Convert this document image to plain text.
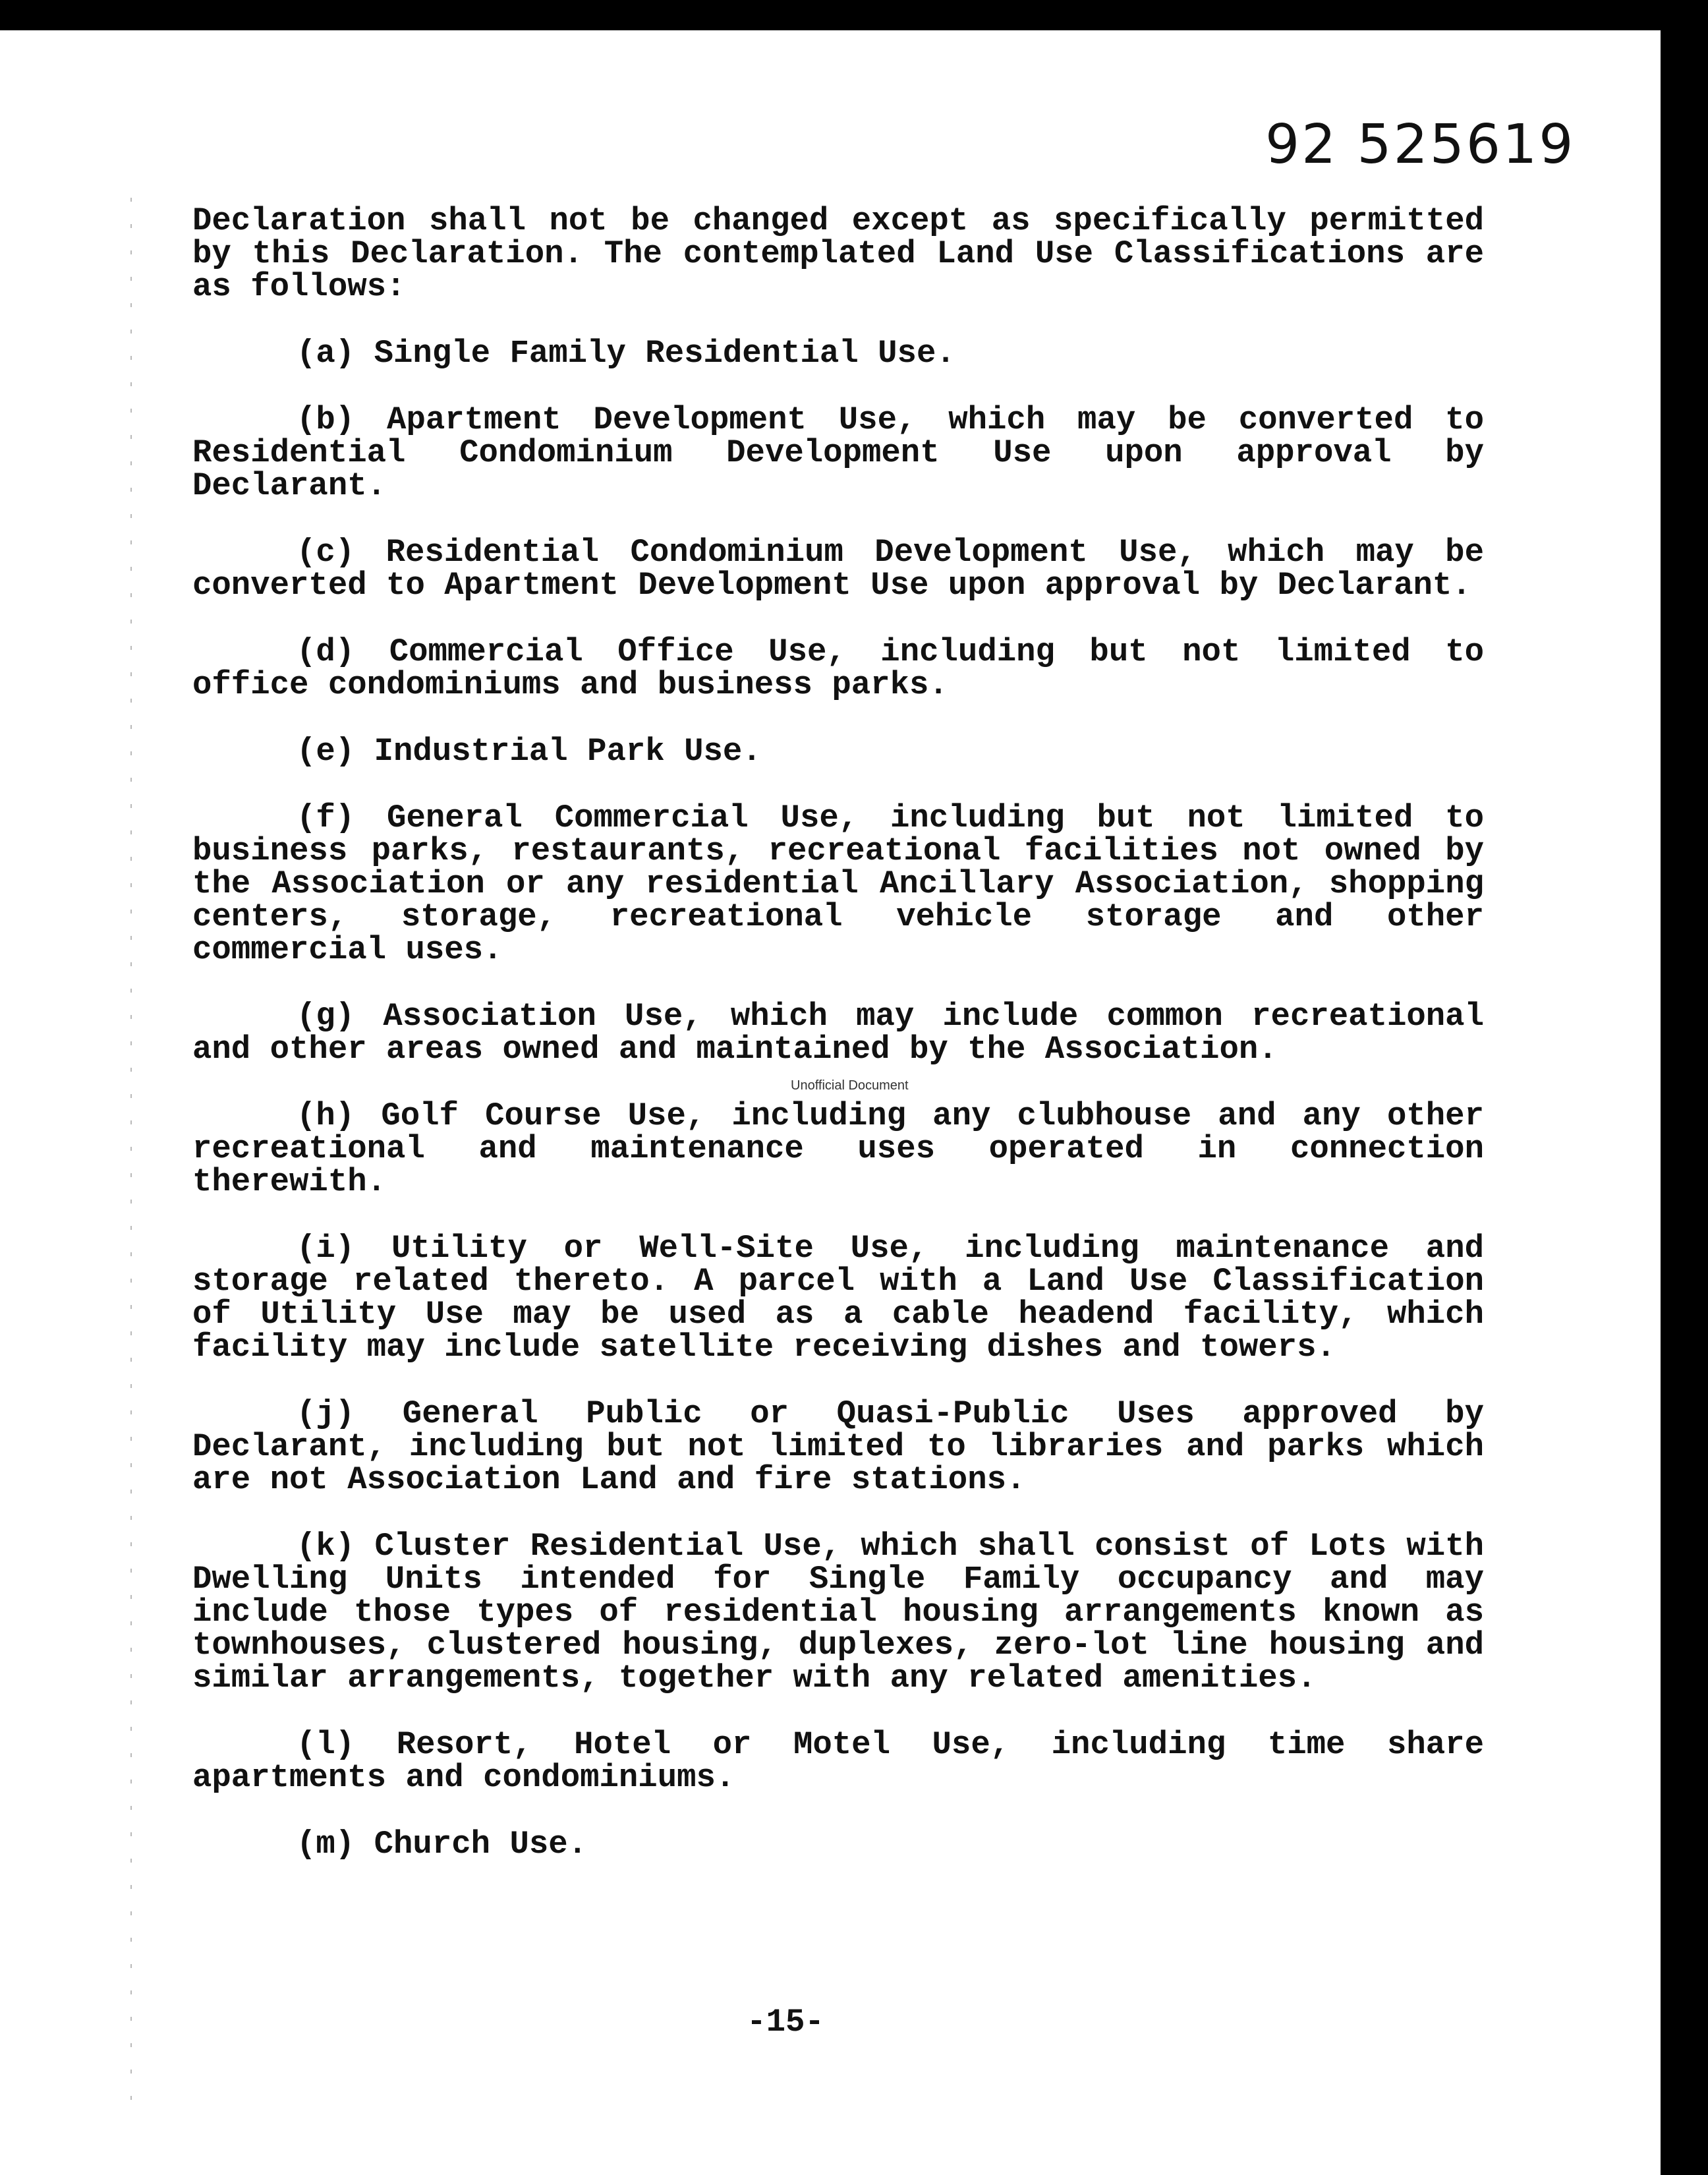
92 525619

Declaration shall not be changed except as specifically permitted by this Declaration. The contemplated Land Use Classifications are as follows:

(a) Single Family Residential Use.

(b) Apartment Development Use, which may be converted to Residential Condominium Development Use upon approval by Declarant.

(c) Residential Condominium Development Use, which may be converted to Apartment Development Use upon approval by Declarant.

(d) Commercial Office Use, including but not limited to office condominiums and business parks.

(e) Industrial Park Use.

(f) General Commercial Use, including but not limited to business parks, restaurants, recreational facilities not owned by the Association or any residential Ancillary Association, shopping centers, storage, recreational vehicle storage and other commercial uses.

(g) Association Use, which may include common recreational and other areas owned and maintained by the Association.

(h) Golf Course Use, including any clubhouse and any other recreational and maintenance uses operated in connection therewith.

(i) Utility or Well-Site Use, including maintenance and storage related thereto. A parcel with a Land Use Classification of Utility Use may be used as a cable headend facility, which facility may include satellite receiving dishes and towers.

(j) General Public or Quasi-Public Uses approved by Declarant, including but not limited to libraries and parks which are not Association Land and fire stations.

(k) Cluster Residential Use, which shall consist of Lots with Dwelling Units intended for Single Family occupancy and may include those types of residential housing arrangements known as townhouses, clustered housing, duplexes, zero-lot line housing and similar arrangements, together with any related amenities.

(l) Resort, Hotel or Motel Use, including time share apartments and condominiums.

(m) Church Use.

Unofficial Document
-15-
